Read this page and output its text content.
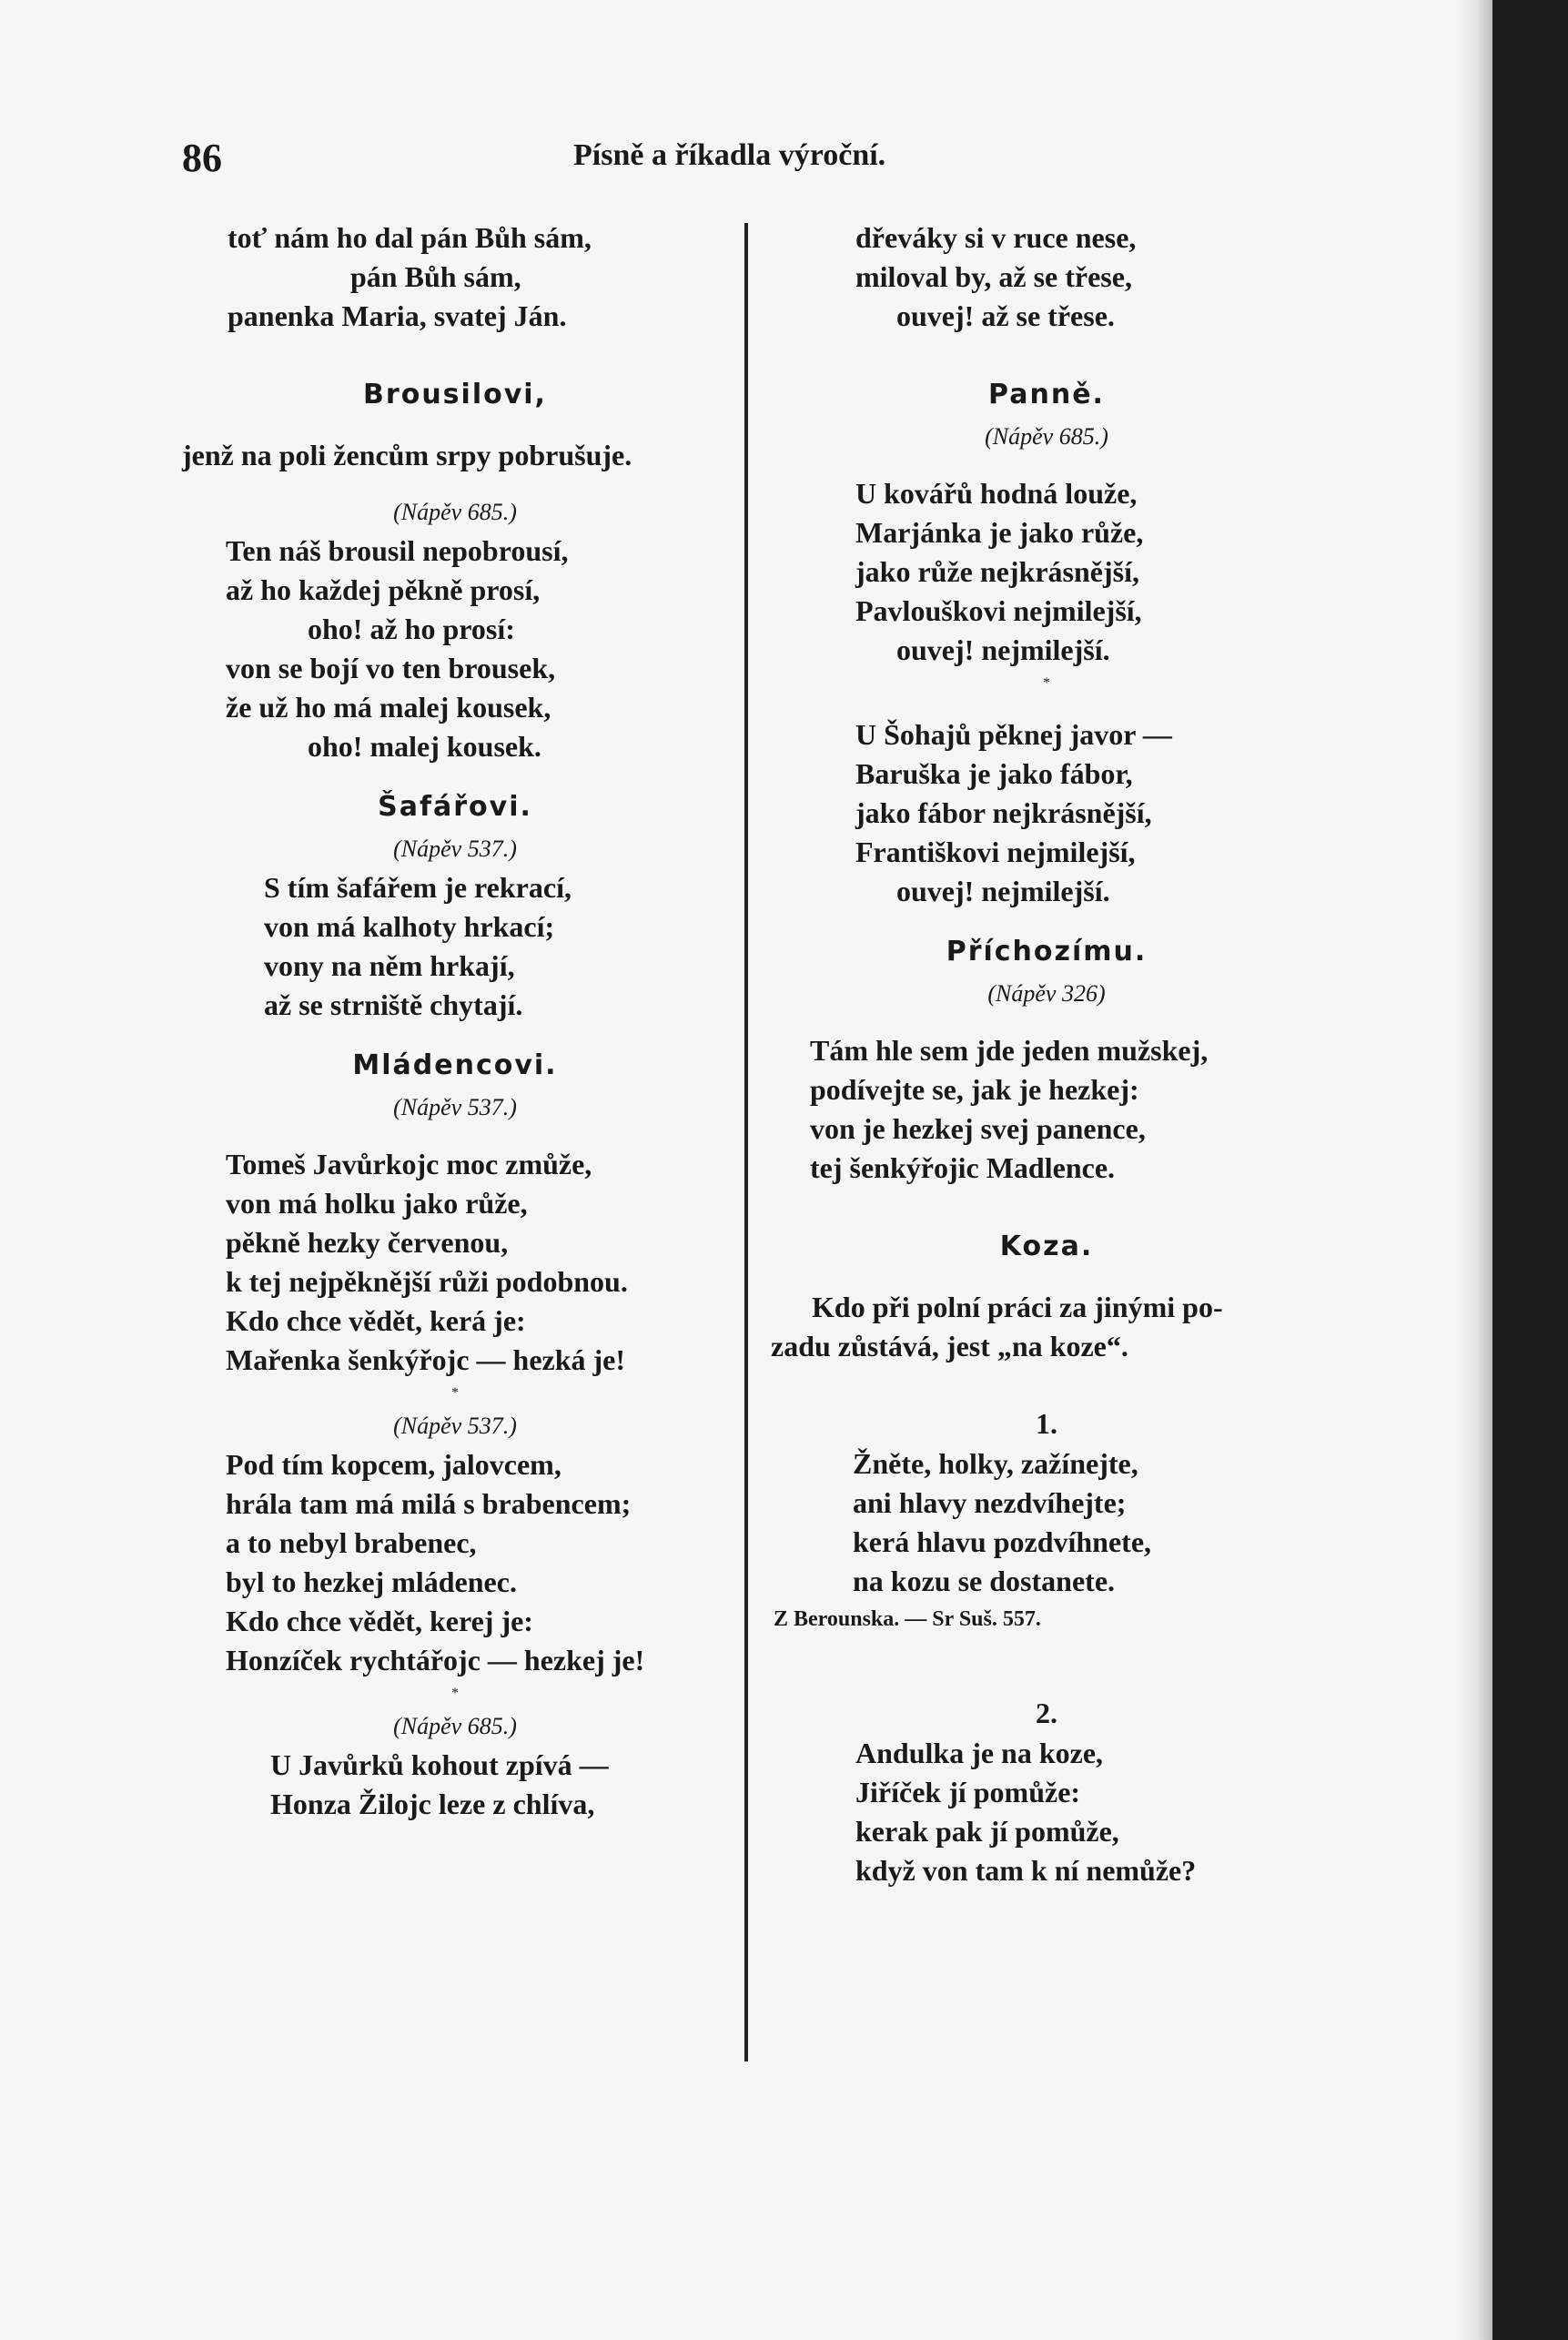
86	Písně a říkadla výroční.
toť nám ho dal pán Bůh sám,
pán Bůh sám,
panenka Maria, svatej Ján.
Brousilovi,
jenž na poli žencům srpy pobrušuje.
(Nápěv 685.)
Ten náš brousil nepobrousí,
až ho každej pěkně prosí,
oho! až ho prosí:
von se bojí vo ten brousek,
že už ho má malej kousek,
oho! malej kousek.
Šafářovi.
(Nápěv 537.)
S tím šafářem je rekrací,
von má kalhoty hrkací;
vony na něm hrkají,
až se strniště chytají.
Mládencovi.
(Nápěv 537.)
Tomeš Javůrkojc moc zmůže,
von má holku jako růže,
pěkně hezky červenou,
k tej nejpěknější růži podobnou.
Kdo chce vědět, kerá je:
Mařenka šenkýřojc — hezká je!
*
(Nápěv 537.)
Pod tím kopcem, jalovcem,
hrála tam má milá s brabencem;
a to nebyl brabenec,
byl to hezkej mládenec.
Kdo chce vědět, kerej je:
Honzíček rychtářojc — hezkej je!
*
(Nápěv 685.)
U Javůrků kohout zpívá —
Honza Žilojc leze z chlíva,
dřeváky si v ruce nese,
miloval by, až se třese,
ouvej! až se třese.
Panně.
(Nápěv 685.)
U kovářů hodná louže,
Marjánka je jako růže,
jako růže nejkrásnější,
Pavlouškovi nejmilejší,
ouvej! nejmilejší.
*
U Šohajů pěknej javor —
Baruška je jako fábor,
jako fábor nejkrásnější,
Františkovi nejmilejší,
ouvej! nejmilejší.
Příchozímu.
(Nápěv 326)
Tám hle sem jde jeden mužskej,
podívejte se, jak je hezkej:
von je hezkej svej panence,
tej šenkýřojic Madlence.
Koza.
Kdo při polní práci za jinými po-
zadu zůstává, jest „na koze“.
1.
Žněte, holky, zažínejte,
ani hlavy nezdvíhejte;
kerá hlavu pozdvíhnete,
na kozu se dostanete.
Z Berounska. — Sr Suš. 557.
2.
Andulka je na koze,
Jiříček jí pomůže:
kerak pak jí pomůže,
když von tam k ní nemůže?
